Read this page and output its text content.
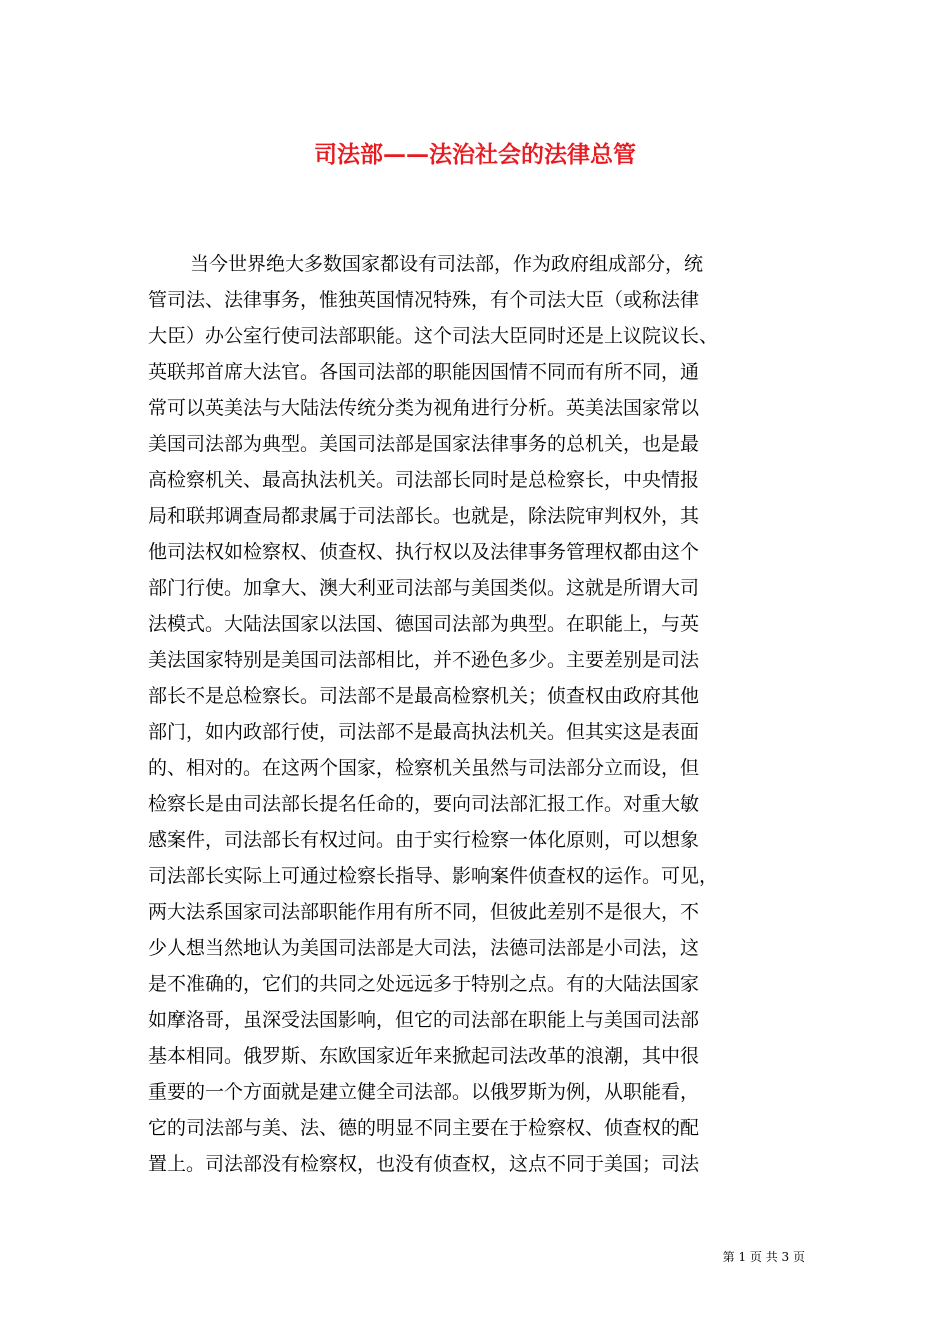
司法部——法治社会的法律总管
当今世界绝大多数国家都设有司法部，作为政府组成部分，统
管司法、法律事务，惟独英国情况特殊，有个司法大臣（或称法律
大臣）办公室行使司法部职能。这个司法大臣同时还是上议院议长、
英联邦首席大法官。各国司法部的职能因国情不同而有所不同，通
常可以英美法与大陆法传统分类为视角进行分析。英美法国家常以
美国司法部为典型。美国司法部是国家法律事务的总机关，也是最
高检察机关、最高执法机关。司法部长同时是总检察长，中央情报
局和联邦调查局都隶属于司法部长。也就是，除法院审判权外，其
他司法权如检察权、侦查权、执行权以及法律事务管理权都由这个
部门行使。加拿大、澳大利亚司法部与美国类似。这就是所谓大司
法模式。大陆法国家以法国、德国司法部为典型。在职能上，与英
美法国家特别是美国司法部相比，并不逊色多少。主要差别是司法
部长不是总检察长。司法部不是最高检察机关；侦查权由政府其他
部门，如内政部行使，司法部不是最高执法机关。但其实这是表面
的、相对的。在这两个国家，检察机关虽然与司法部分立而设，但
检察长是由司法部长提名任命的，要向司法部汇报工作。对重大敏
感案件，司法部长有权过问。由于实行检察一体化原则，可以想象
司法部长实际上可通过检察长指导、影响案件侦查权的运作。可见，
两大法系国家司法部职能作用有所不同，但彼此差别不是很大，不
少人想当然地认为美国司法部是大司法，法德司法部是小司法，这
是不准确的，它们的共同之处远远多于特别之点。有的大陆法国家
如摩洛哥，虽深受法国影响，但它的司法部在职能上与美国司法部
基本相同。俄罗斯、东欧国家近年来掀起司法改革的浪潮，其中很
重要的一个方面就是建立健全司法部。以俄罗斯为例，从职能看，
它的司法部与美、法、德的明显不同主要在于检察权、侦查权的配
置上。司法部没有检察权，也没有侦查权，这点不同于美国；司法
第 1 页 共 3 页
